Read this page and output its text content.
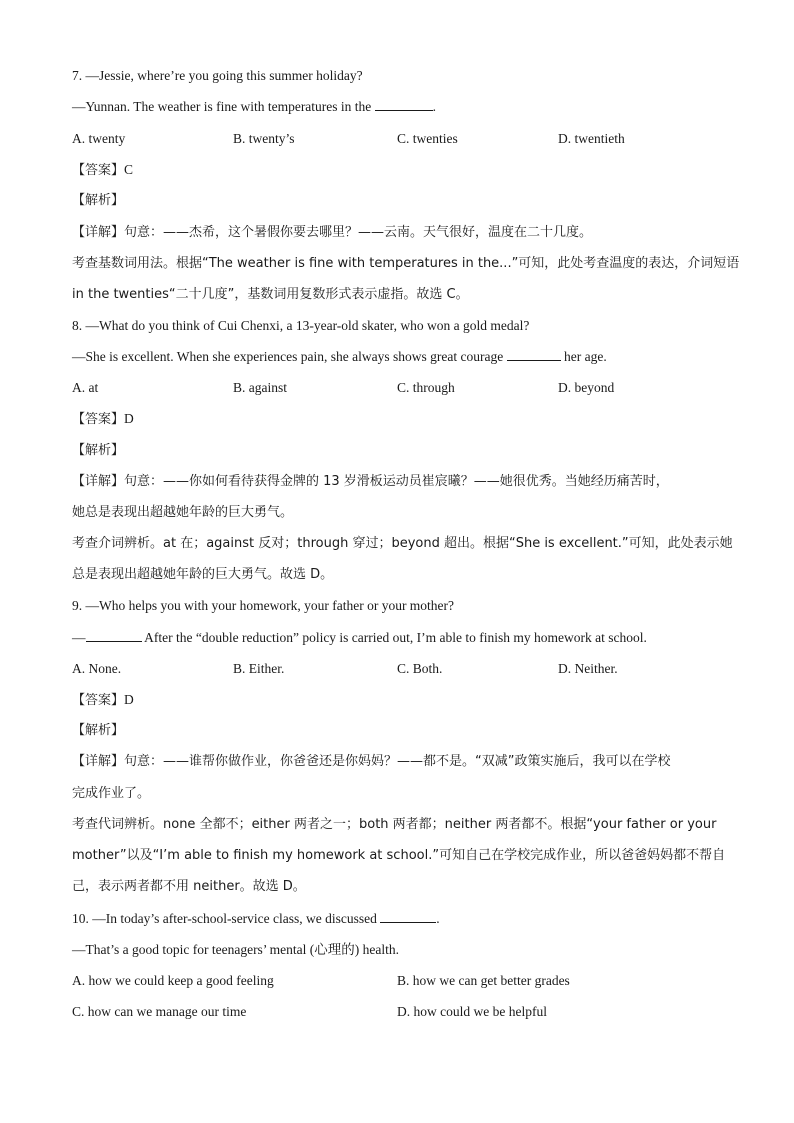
7. —Jessie, where’re you going this summer holiday?
—Yunnan. The weather is fine with temperatures in the	.
A. twenty	B. twenty’s	C. twenties	D. twentieth
【答案】C
【解析】
【详解】句意：——杰希，这个暑假你要去哪里？——云南。天气很好，温度在二十几度。
考查基数词用法。根据“The weather is fine with temperatures in the...”可知，此处考查温度的表达，介词短语
in the twenties“二十几度”，基数词用复数形式表示虚指。故选 C。
8. —What do you think of Cui Chenxi, a 13-year-old skater, who won a gold medal?
—She is excellent. When she experiences pain, she always shows great courage	her age.
A. at	B. against	C. through	D. beyond
【答案】D
【解析】
【详解】句意：——你如何看待获得金牌的 13 岁滑板运动员崔宸曦？——她很优秀。当她经历痛苦时，
她总是表现出超越她年龄的巨大勇气。
考查介词辨析。at 在；against 反对；through 穿过；beyond 超出。根据“She is excellent.”可知，此处表示她
总是表现出超越她年龄的巨大勇气。故选 D。
9. —Who helps you with your homework, your father or your mother?
—	After the “double reduction” policy is carried out, I’m able to finish my homework at school.
A. None.	B. Either.	C. Both.	D. Neither.
【答案】D
【解析】
【详解】句意：——谁帮你做作业，你爸爸还是你妈妈？——都不是。“双减”政策实施后，我可以在学校
完成作业了。
考查代词辨析。none 全都不；either 两者之一；both 两者都；neither 两者都不。根据“your father or your
mother”以及“I’m able to finish my homework at school.”可知自己在学校完成作业，所以爸爸妈妈都不帮自
己，表示两者都不用 neither。故选 D。
10. —In today’s after-school-service class, we discussed	.
—That’s a good topic for teenagers’ mental (心理的) health.
A. how we could keep a good feeling	B. how we can get better grades
C. how can we manage our time	D. how could we be helpful
